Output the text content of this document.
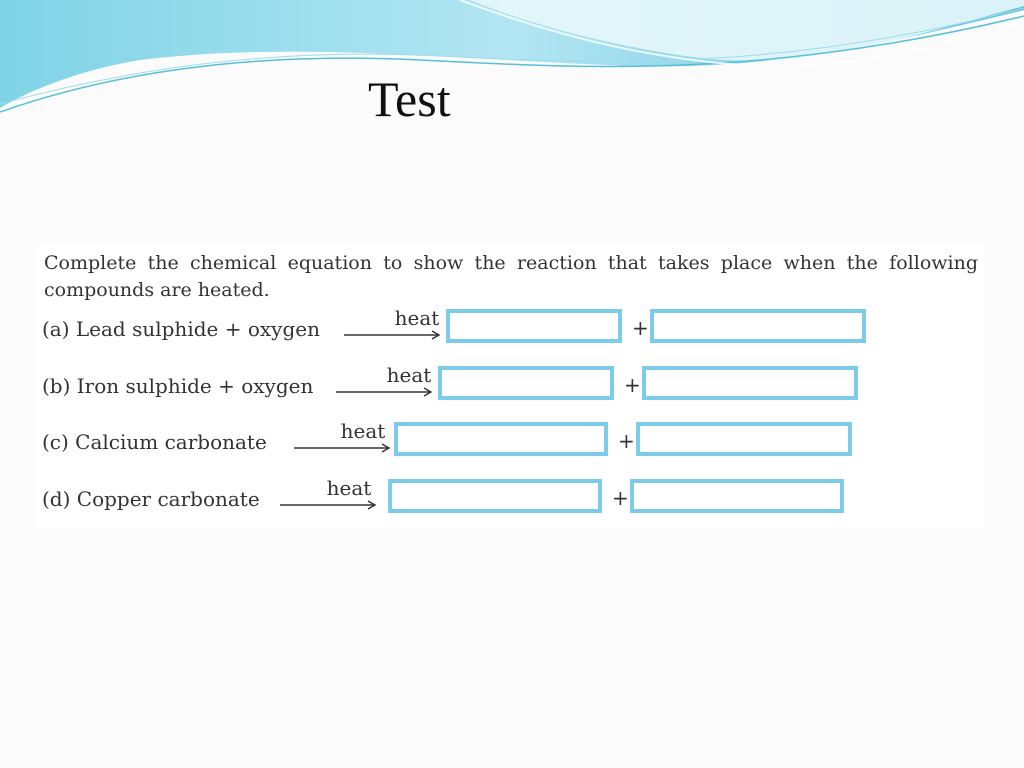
Test
Complete the chemical equation to show the reaction that takes place when the following compounds are heated.
(a) Lead sulphide + oxygen	heat	+
(b) Iron sulphide + oxygen	heat	+
(c) Calcium carbonate	heat	+
(d) Copper carbonate	heat	+
